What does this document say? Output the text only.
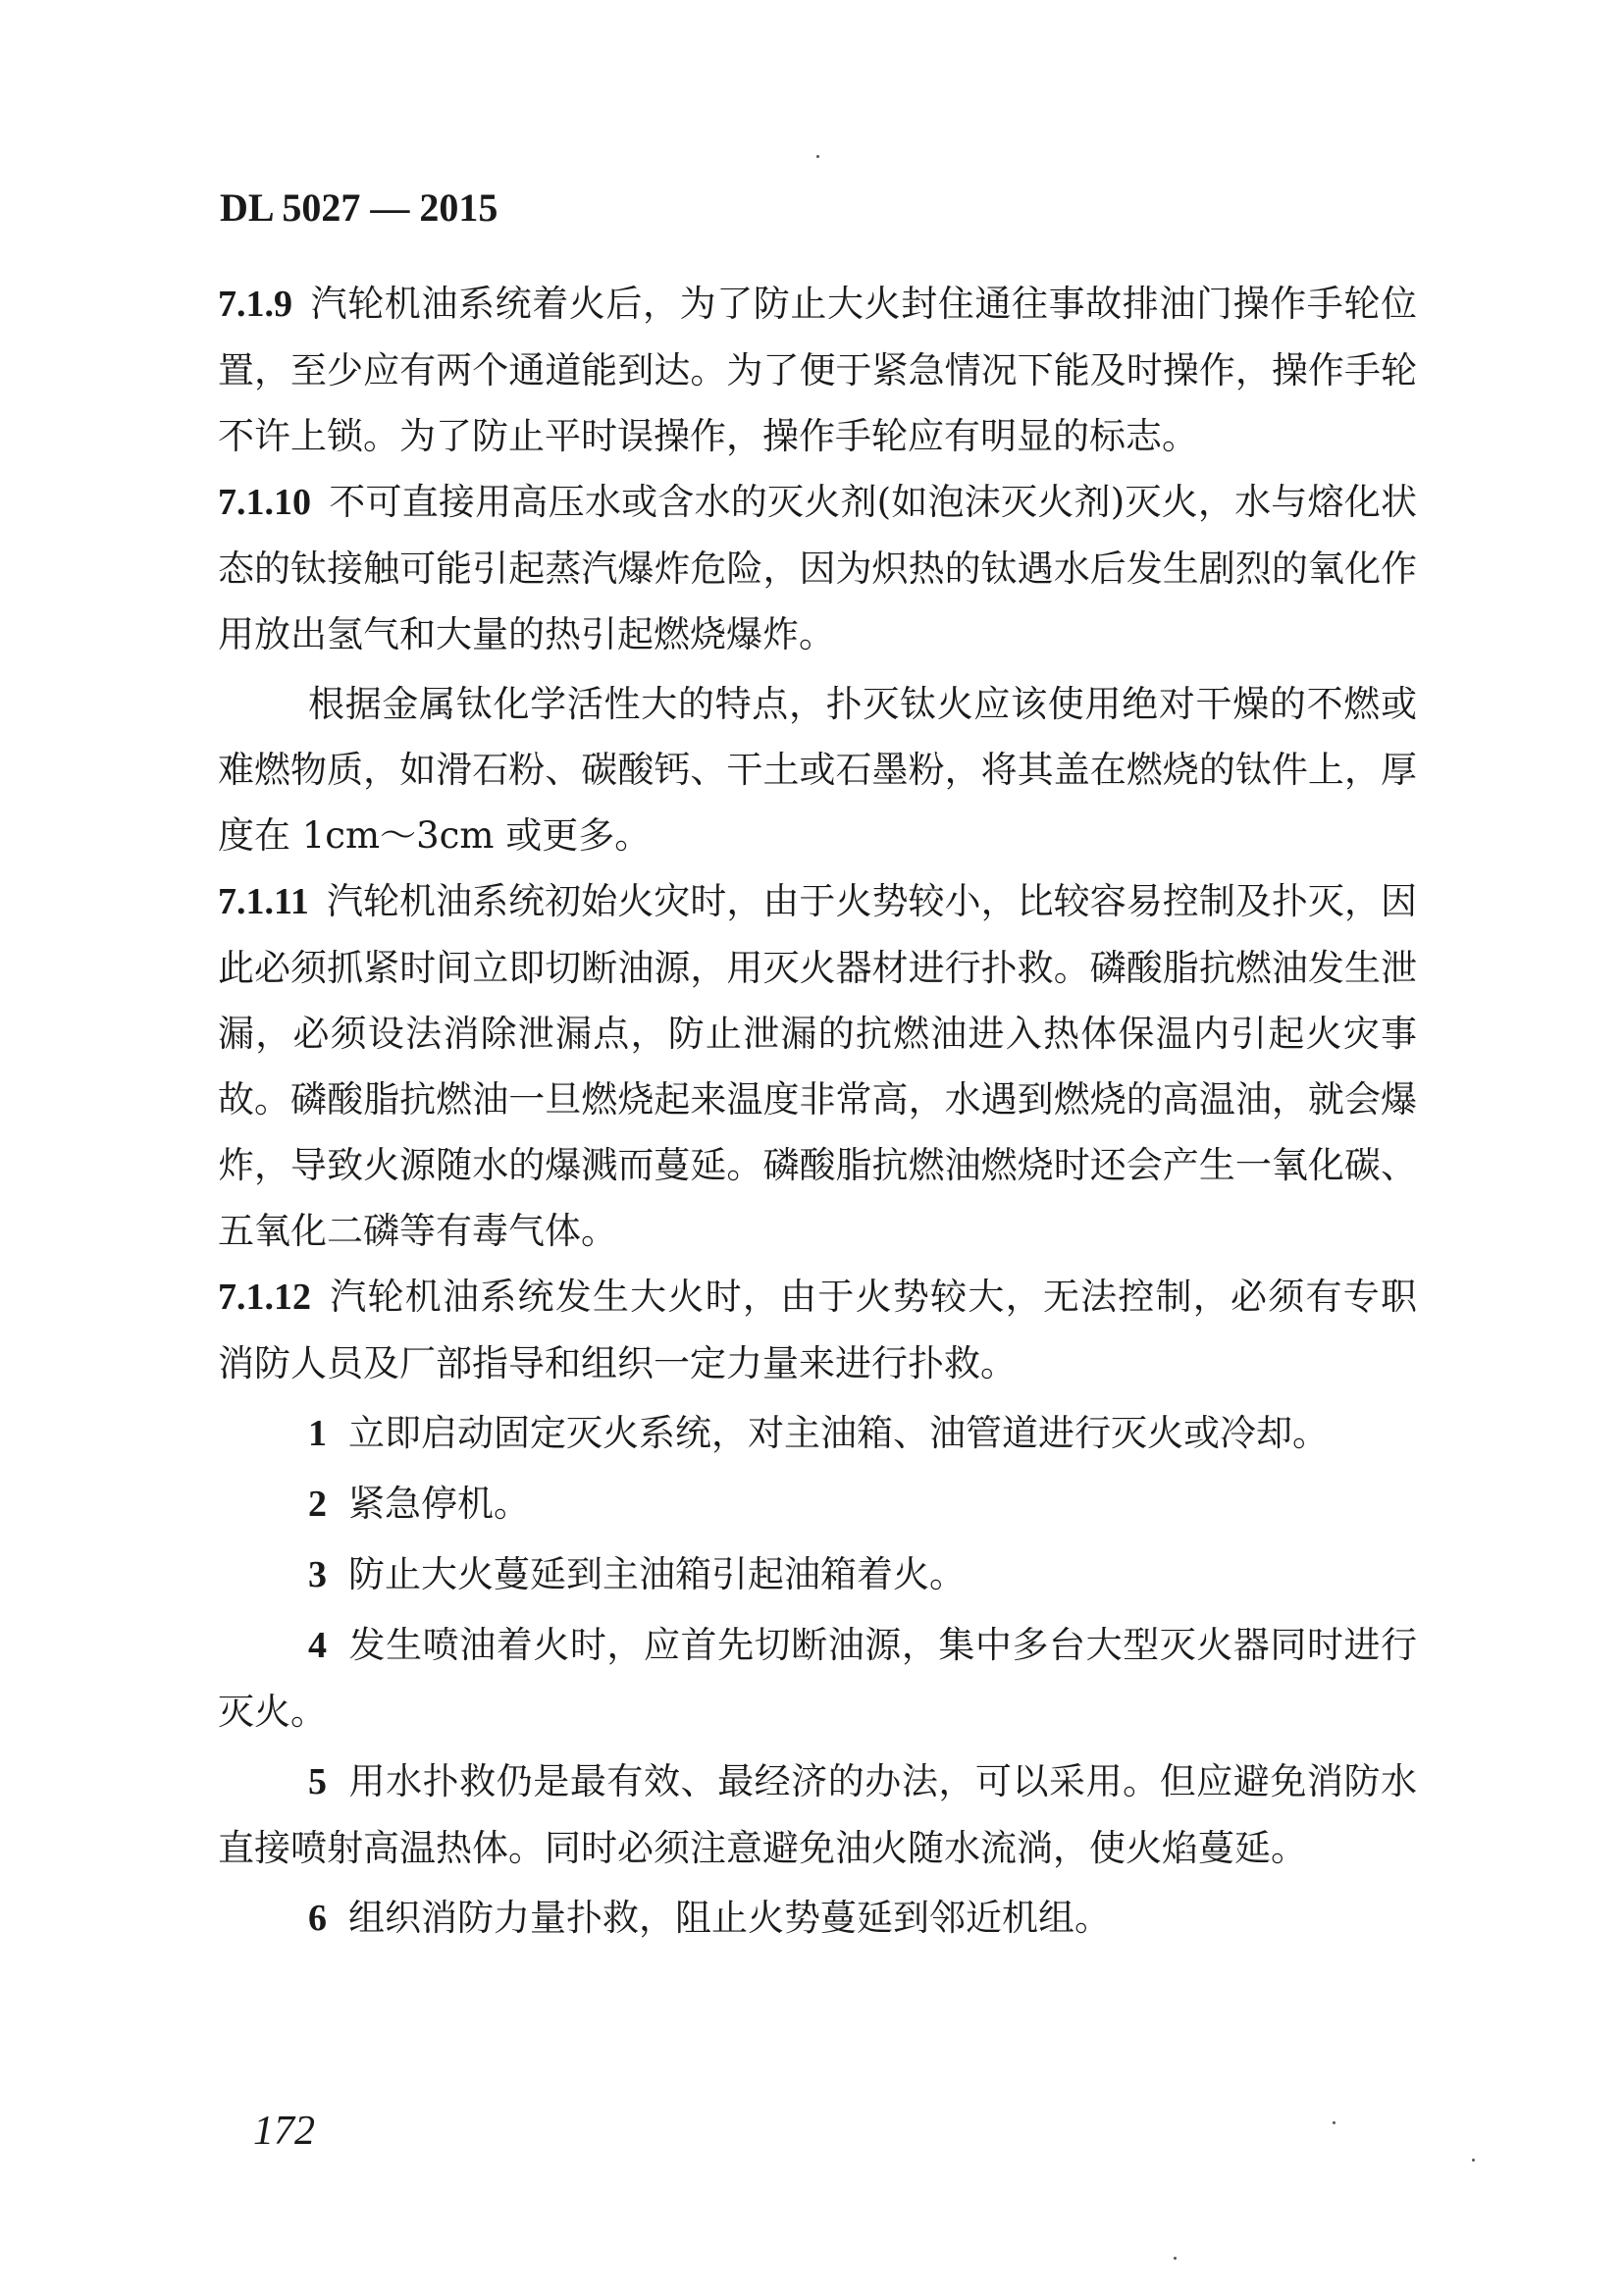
DL 5027 — 2015

7.1.9 汽轮机油系统着火后，为了防止大火封住通往事故排油门操作手轮位置，至少应有两个通道能到达。为了便于紧急情况下能及时操作，操作手轮不许上锁。为了防止平时误操作，操作手轮应有明显的标志。

7.1.10 不可直接用高压水或含水的灭火剂(如泡沫灭火剂)灭火，水与熔化状态的钛接触可能引起蒸汽爆炸危险，因为炽热的钛遇水后发生剧烈的氧化作用放出氢气和大量的热引起燃烧爆炸。

根据金属钛化学活性大的特点，扑灭钛火应该使用绝对干燥的不燃或难燃物质，如滑石粉、碳酸钙、干土或石墨粉，将其盖在燃烧的钛件上，厚度在 1cm～3cm 或更多。

7.1.11 汽轮机油系统初始火灾时，由于火势较小，比较容易控制及扑灭，因此必须抓紧时间立即切断油源，用灭火器材进行扑救。磷酸脂抗燃油发生泄漏，必须设法消除泄漏点，防止泄漏的抗燃油进入热体保温内引起火灾事故。磷酸脂抗燃油一旦燃烧起来温度非常高，水遇到燃烧的高温油，就会爆炸，导致火源随水的爆溅而蔓延。磷酸脂抗燃油燃烧时还会产生一氧化碳、五氧化二磷等有毒气体。

7.1.12 汽轮机油系统发生大火时，由于火势较大，无法控制，必须有专职消防人员及厂部指导和组织一定力量来进行扑救。

1 立即启动固定灭火系统，对主油箱、油管道进行灭火或冷却。

2 紧急停机。

3 防止大火蔓延到主油箱引起油箱着火。

4 发生喷油着火时，应首先切断油源，集中多台大型灭火器同时进行灭火。

5 用水扑救仍是最有效、最经济的办法，可以采用。但应避免消防水直接喷射高温热体。同时必须注意避免油火随水流淌，使火焰蔓延。

6 组织消防力量扑救，阻止火势蔓延到邻近机组。

172
